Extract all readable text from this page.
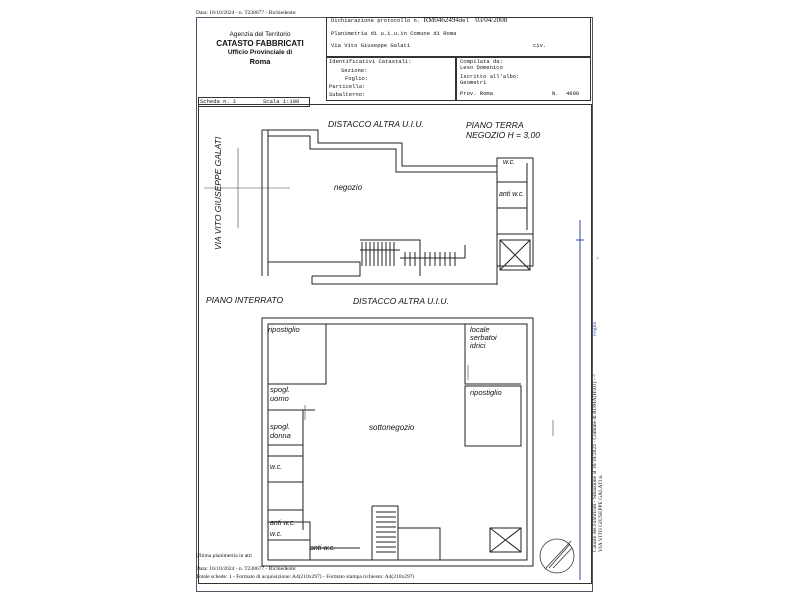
Data: 16/10/2024 - n. T238677 - Richiedente:
Agenzia del Territorio
CATASTO FABBRICATI
Ufficio Provinciale di
Roma
Dichiarazione protocollo n. RM0462494del 03/04/2008
Planimetria di u.i.u.in Comune di Roma
Via Vito Giuseppe Galati	civ.
Identificativi Catastali:
Sezione:
Foglio:
Particella:
Subalterno:
Compilata da:
Leso Domenico
Iscritto all'albo:
Geometri
Prov. Roma	N. 4600
Scheda n. 1	Scala 1:100
VIA VITO GIUSEPPE GALATI
DISTACCO ALTRA U.I.U.	PIANO TERRA
NEGOZIO H = 3,00
negozio
w.c.
anti w.c.
PIANO INTERRATO	DISTACCO ALTRA U.I.U.
ripostiglio	locale
serbatoi
idrici
ripostiglio
spogl.
uomo
spogl.
donna
sottonegozio
w.c.
anti w.c.
w.c.
anti w.c.	Catasto dei Fabbricati - Situazione al 16/10/2024 - Comune di ROMA(H501) - < VIA VITO GIUSEPPE GALATI n.
>
Foglio
Ultima planimetria in atti
Data: 16/10/2024 - n. T238677 - Richiedente:
Totale schede: 1 - Formato di acquisizione: A4(210x297) - Formato stampa richiesto: A4(210x297)
